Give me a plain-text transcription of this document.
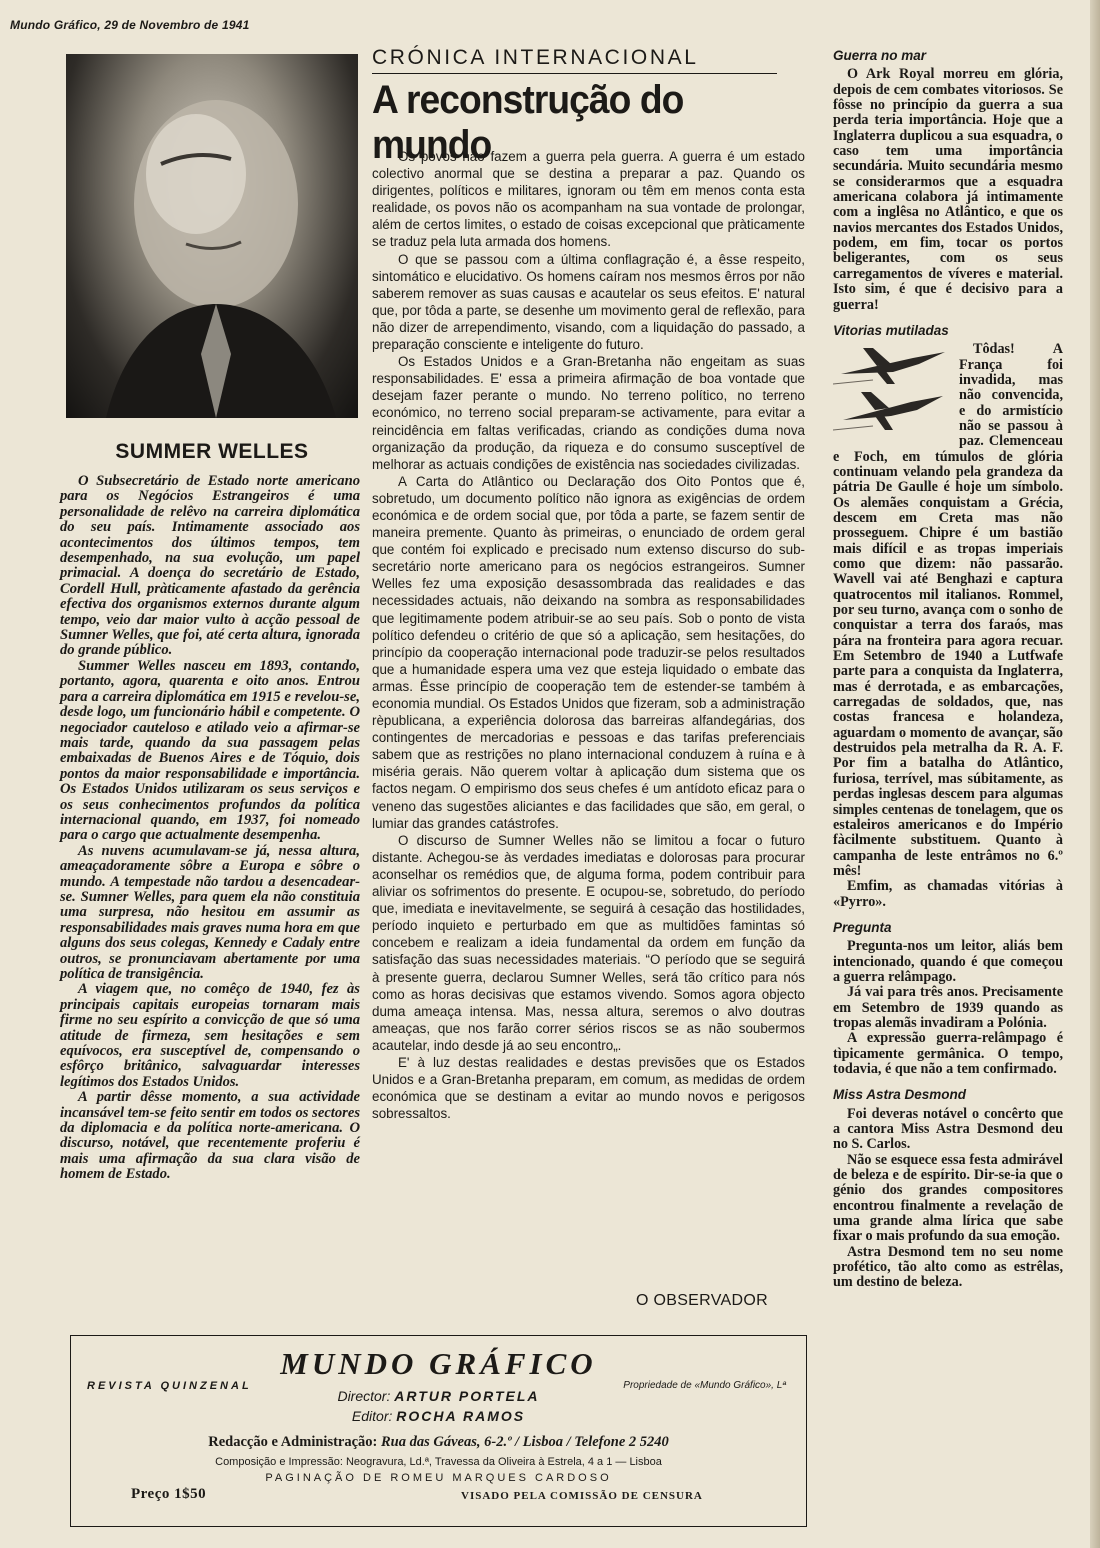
Mundo Gráfico, 29 de Novembro de 1941
SUMMER WELLES

O Subsecretário de Estado norte americano para os Negócios Estrangeiros é uma personalidade de relêvo na carreira diplomática do seu país. Intimamente associado aos acontecimentos dos últimos tempos, tem desempenhado, na sua evolução, um papel primacial. A doença do secretário de Estado, Cordell Hull, pràticamente afastado da gerência efectiva dos organismos externos durante algum tempo, veio dar maior vulto à acção pessoal de Sumner Welles, que foi, até certa altura, ignorada do grande público.

Summer Welles nasceu em 1893, contando, portanto, agora, quarenta e oito anos. Entrou para a carreira diplomática em 1915 e revelou-se, desde logo, um funcionário hábil e competente. O negociador cauteloso e atilado veio a afirmar-se mais tarde, quando da sua passagem pelas embaixadas de Buenos Aires e de Tóquio, dois pontos da maior responsabilidade e importância. Os Estados Unidos utilizaram os seus serviços e os seus conhecimentos profundos da política internacional quando, em 1937, foi nomeado para o cargo que actualmente desempenha.

As nuvens acumulavam-se já, nessa altura, ameaçadoramente sôbre a Europa e sôbre o mundo. A tempestade não tardou a desencadear-se. Sumner Welles, para quem ela não constituia uma surpresa, não hesitou em assumir as responsabilidades mais graves numa hora em que alguns dos seus colegas, Kennedy e Cadaly entre outros, se pronunciavam abertamente por uma política de transigência.

A viagem que, no comêço de 1940, fez às principais capitais europeias tornaram mais firme no seu espírito a convicção de que só uma atitude de firmeza, sem hesitações e sem equívocos, era susceptível de, compensando o esfôrço britânico, salvaguardar interesses legítimos dos Estados Unidos.

A partir dêsse momento, a sua actividade incansável tem-se feito sentir em todos os sectores da diplomacia e da política norte-americana. O discurso, notável, que recentemente proferiu é mais uma afirmação da sua clara visão de homem de Estado.

CRÓNICA INTERNACIONAL
A reconstrução do mundo

Os povos não fazem a guerra pela guerra. A guerra é um estado colectivo anormal que se destina a preparar a paz. Quando os dirigentes, políticos e militares, ignoram ou têm em menos conta esta realidade, os povos não os acompanham na sua vontade de prolongar, além de certos limites, o estado de coisas excepcional que pràticamente se traduz pela luta armada dos homens.

O que se passou com a última conflagração é, a êsse respeito, sintomático e elucidativo. Os homens caíram nos mesmos êrros por não saberem remover as suas causas e acautelar os seus efeitos. E' natural que, por tôda a parte, se desenhe um movimento geral de reflexão, para não dizer de arrependimento, visando, com a liquidação do passado, a preparação consciente e inteligente do futuro.

Os Estados Unidos e a Gran-Bretanha não engeitam as suas responsabilidades. E' essa a primeira afirmação de boa vontade que desejam fazer perante o mundo. No terreno político, no terreno económico, no terreno social preparam-se activamente, para evitar a reincidência em faltas verificadas, criando as condições duma nova organização da produção, da riqueza e do consumo susceptível de melhorar as actuais condições de existência nas sociedades civilizadas.

A Carta do Atlântico ou Declaração dos Oito Pontos que é, sobretudo, um documento político não ignora as exigências de ordem económica e de ordem social que, por tôda a parte, se fazem sentir de maneira premente. Quanto às primeiras, o enunciado de ordem geral que contém foi explicado e precisado num extenso discurso do sub-secretário norte americano para os negócios estrangeiros. Sumner Welles fez uma exposição desassombrada das realidades e das necessidades actuais, não deixando na sombra as responsabilidades que legitimamente podem atribuir-se ao seu país. Sob o ponto de vista político defendeu o critério de que só a aplicação, sem hesitações, do princípio da cooperação internacional pode traduzir-se pelos resultados que a humanidade espera uma vez que esteja liquidado o embate das armas. Êsse princípio de cooperação tem de estender-se também à economia mundial. Os Estados Unidos que fizeram, sob a administração rèpublicana, a experiência dolorosa das barreiras alfandegárias, dos contingentes de mercadorias e pessoas e das tarifas preferenciais sabem que as restrições no plano internacional conduzem à ruína e à miséria gerais. Não querem voltar à aplicação dum sistema que os factos negam. O empirismo dos seus chefes é um antídoto eficaz para o veneno das sugestões aliciantes e das facilidades que são, em geral, o lumiar das grandes catástrofes.

O discurso de Sumner Welles não se limitou a focar o futuro distante. Achegou-se às verdades imediatas e dolorosas para procurar aconselhar os remédios que, de alguma forma, podem contribuir para aliviar os sofrimentos do presente. E ocupou-se, sobretudo, do período que, imediata e inevitavelmente, se seguirá à cesação das hostilidades, período inquieto e perturbado em que as multidões famintas só concebem e realizam a ideia fundamental da ordem em função da satisfação das suas necessidades materiais. “O período que se seguirá à presente guerra, declarou Sumner Welles, será tão crítico para nós como as horas decisivas que estamos vivendo. Somos agora objecto duma ameaça intensa. Mas, nessa altura, seremos o alvo doutras ameaças, que nos farão correr sérios riscos se as não soubermos acautelar, indo desde já ao seu encontro„.

E' à luz destas realidades e destas previsões que os Estados Unidos e a Gran-Bretanha preparam, em comum, as medidas de ordem económica que se destinam a evitar ao mundo novos e perigosos sobressaltos.

O OBSERVADOR
MUNDO GRÁFICO
REVISTA QUINZENAL	Propriedade de «Mundo Gráfico», Lª
Director: ARTUR PORTELA
Editor: ROCHA RAMOS
Redacção e Administração: Rua das Gáveas, 6-2.º / Lisboa / Telefone 2 5240
Composição e Impressão: Neogravura, Ld.ª, Travessa da Oliveira à Estrela, 4 a 1 — Lisboa
PAGINAÇÃO DE ROMEU MARQUES CARDOSO
Preço 1$50	VISADO PELA COMISSÃO DE CENSURA
Guerra no mar

O Ark Royal morreu em glória, depois de cem combates vitoriosos. Se fôsse no princípio da guerra a sua perda teria importância. Hoje que a Inglaterra duplicou a sua esquadra, o caso tem uma importância secundária. Muito secundária mesmo se considerarmos que a esquadra americana colabora já intimamente com a inglêsa no Atlântico, e que os navios mercantes dos Estados Unidos, podem, em fim, tocar os portos beligerantes, com os seus carregamentos de víveres e material. Isto sim, é que é decisivo para a guerra!

Vitorias mutiladas

Tôdas! A França foi invadida, mas não convencida, e do armistício não se passou à paz. Clemenceau e Foch, em túmulos de glória continuam velando pela grandeza da pátria De Gaulle é hoje um símbolo. Os alemães conquistam a Grécia, descem em Creta mas não prosseguem. Chipre é um bastião mais difícil e as tropas imperiais como que dizem: não passarão. Wavell vai até Benghazi e captura quatrocentos mil italianos. Rommel, por seu turno, avança com o sonho de conquistar a terra dos faraós, mas pára na fronteira para agora recuar. Em Setembro de 1940 a Lutfwafe parte para a conquista da Inglaterra, mas é derrotada, e as embarcações, carregadas de soldados, que, nas costas francesa e holandeza, aguardam o momento de avançar, são destruidos pela metralha da R. A. F. Por fim a batalha do Atlântico, furiosa, terrível, mas súbitamente, as perdas inglesas descem para algumas simples centenas de tonelagem, que os estaleiros americanos e do Império fàcilmente substituem. Quanto à campanha de leste entrâmos no 6.º mês!

Emfim, as chamadas vitórias à «Pyrro».

Pregunta

Pregunta-nos um leitor, aliás bem intencionado, quando é que começou a guerra relâmpago.

Já vai para três anos. Precisamente em Setembro de 1939 quando as tropas alemãs invadiram a Polónia.

A expressão guerra-relâmpago é tìpicamente germânica. O tempo, todavia, é que não a tem confirmado.

Miss Astra Desmond

Foi deveras notável o concêrto que a cantora Miss Astra Desmond deu no S. Carlos.

Não se esquece essa festa admirável de beleza e de espírito. Dir-se-ia que o génio dos grandes compositores encontrou finalmente a revelação de uma grande alma lírica que sabe fixar o mais profundo da sua emoção.

Astra Desmond tem no seu nome profético, tão alto como as estrêlas, um destino de beleza.
